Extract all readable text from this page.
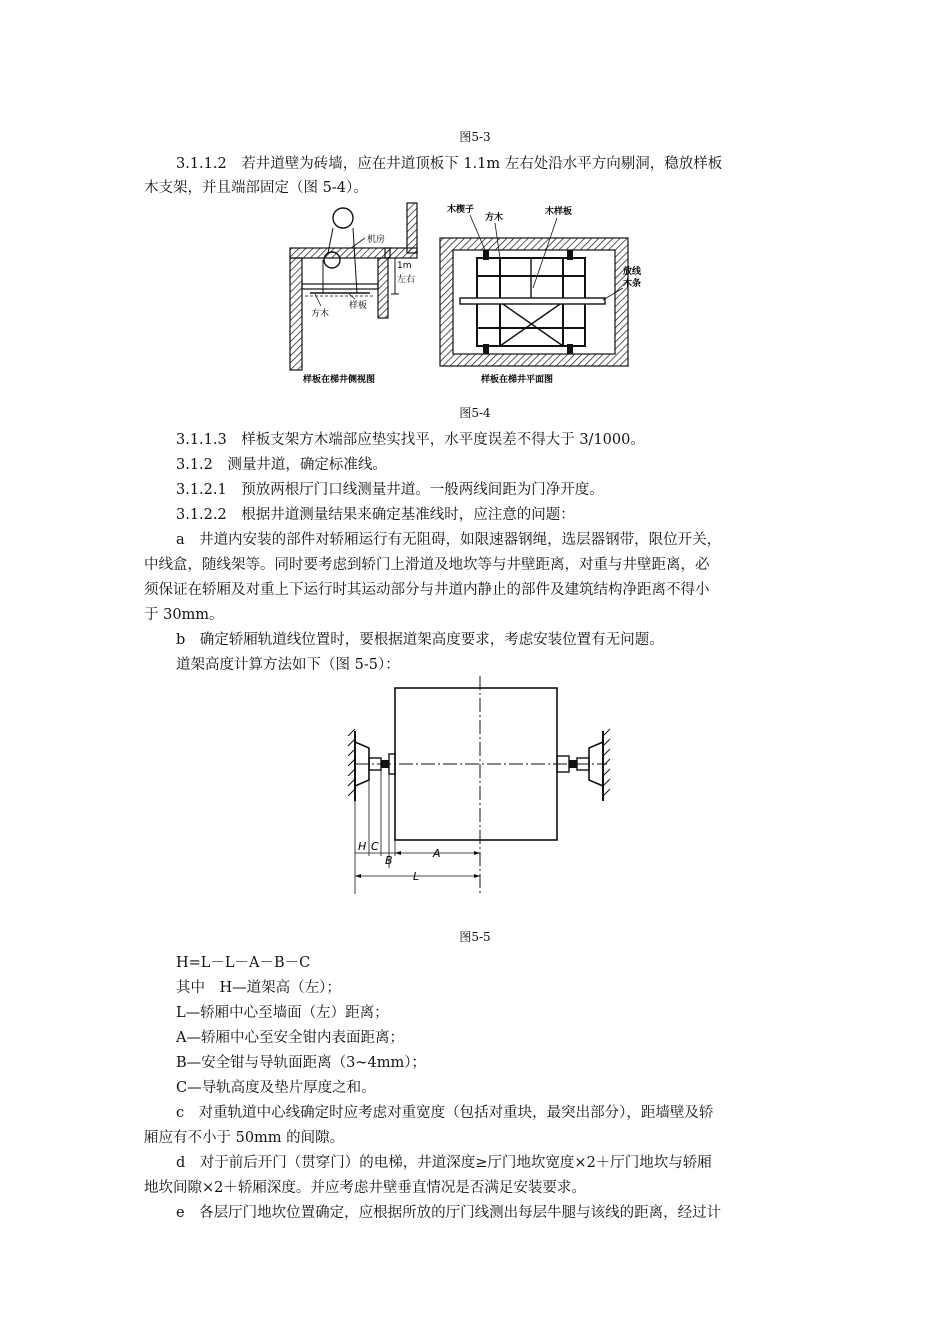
图5-3
3.1.1.2　若井道壁为砖墙，应在井道顶板下 1.1m 左右处沿水平方向剔洞，稳放样板
木支架，并且端部固定（图 5-4）。
1m
左右
机房
方木
样板
样板在梯井侧视图
木楔子
方木
木样板
放线
木条
样板在梯井平面图
图5-4
3.1.1.3　样板支架方木端部应垫实找平，水平度误差不得大于 3/1000。
3.1.2　测量井道，确定标准线。
3.1.2.1　预放两根厅门口线测量井道。一般两线间距为门净开度。
3.1.2.2　根据井道测量结果来确定基准线时，应注意的问题：
a　井道内安装的部件对轿厢运行有无阻碍，如限速器钢绳，选层器钢带，限位开关，
中线盒，随线架等。同时要考虑到轿门上滑道及地坎等与井壁距离，对重与井壁距离，必
须保证在轿厢及对重上下运行时其运动部分与井道内静止的部件及建筑结构净距离不得小
于 30mm。
b　确定轿厢轨道线位置时，要根据道架高度要求，考虑安装位置有无问题。
道架高度计算方法如下（图 5-5）：
H C
B
A
L
图5-5
H=L－L－A－B－C
其中　H—道架高（左）；
L—轿厢中心至墙面（左）距离；
A—轿厢中心至安全钳内表面距离；
B—安全钳与导轨面距离（3~4mm）；
C—导轨高度及垫片厚度之和。
c　对重轨道中心线确定时应考虑对重宽度（包括对重块，最突出部分），距墙壁及轿
厢应有不小于 50mm 的间隙。
d　对于前后开门（贯穿门）的电梯，井道深度≥厅门地坎宽度×2＋厅门地坎与轿厢
地坎间隙×2＋轿厢深度。并应考虑井壁垂直情况是否满足安装要求。
e　各层厅门地坎位置确定，应根据所放的厅门线测出每层牛腿与该线的距离，经过计
